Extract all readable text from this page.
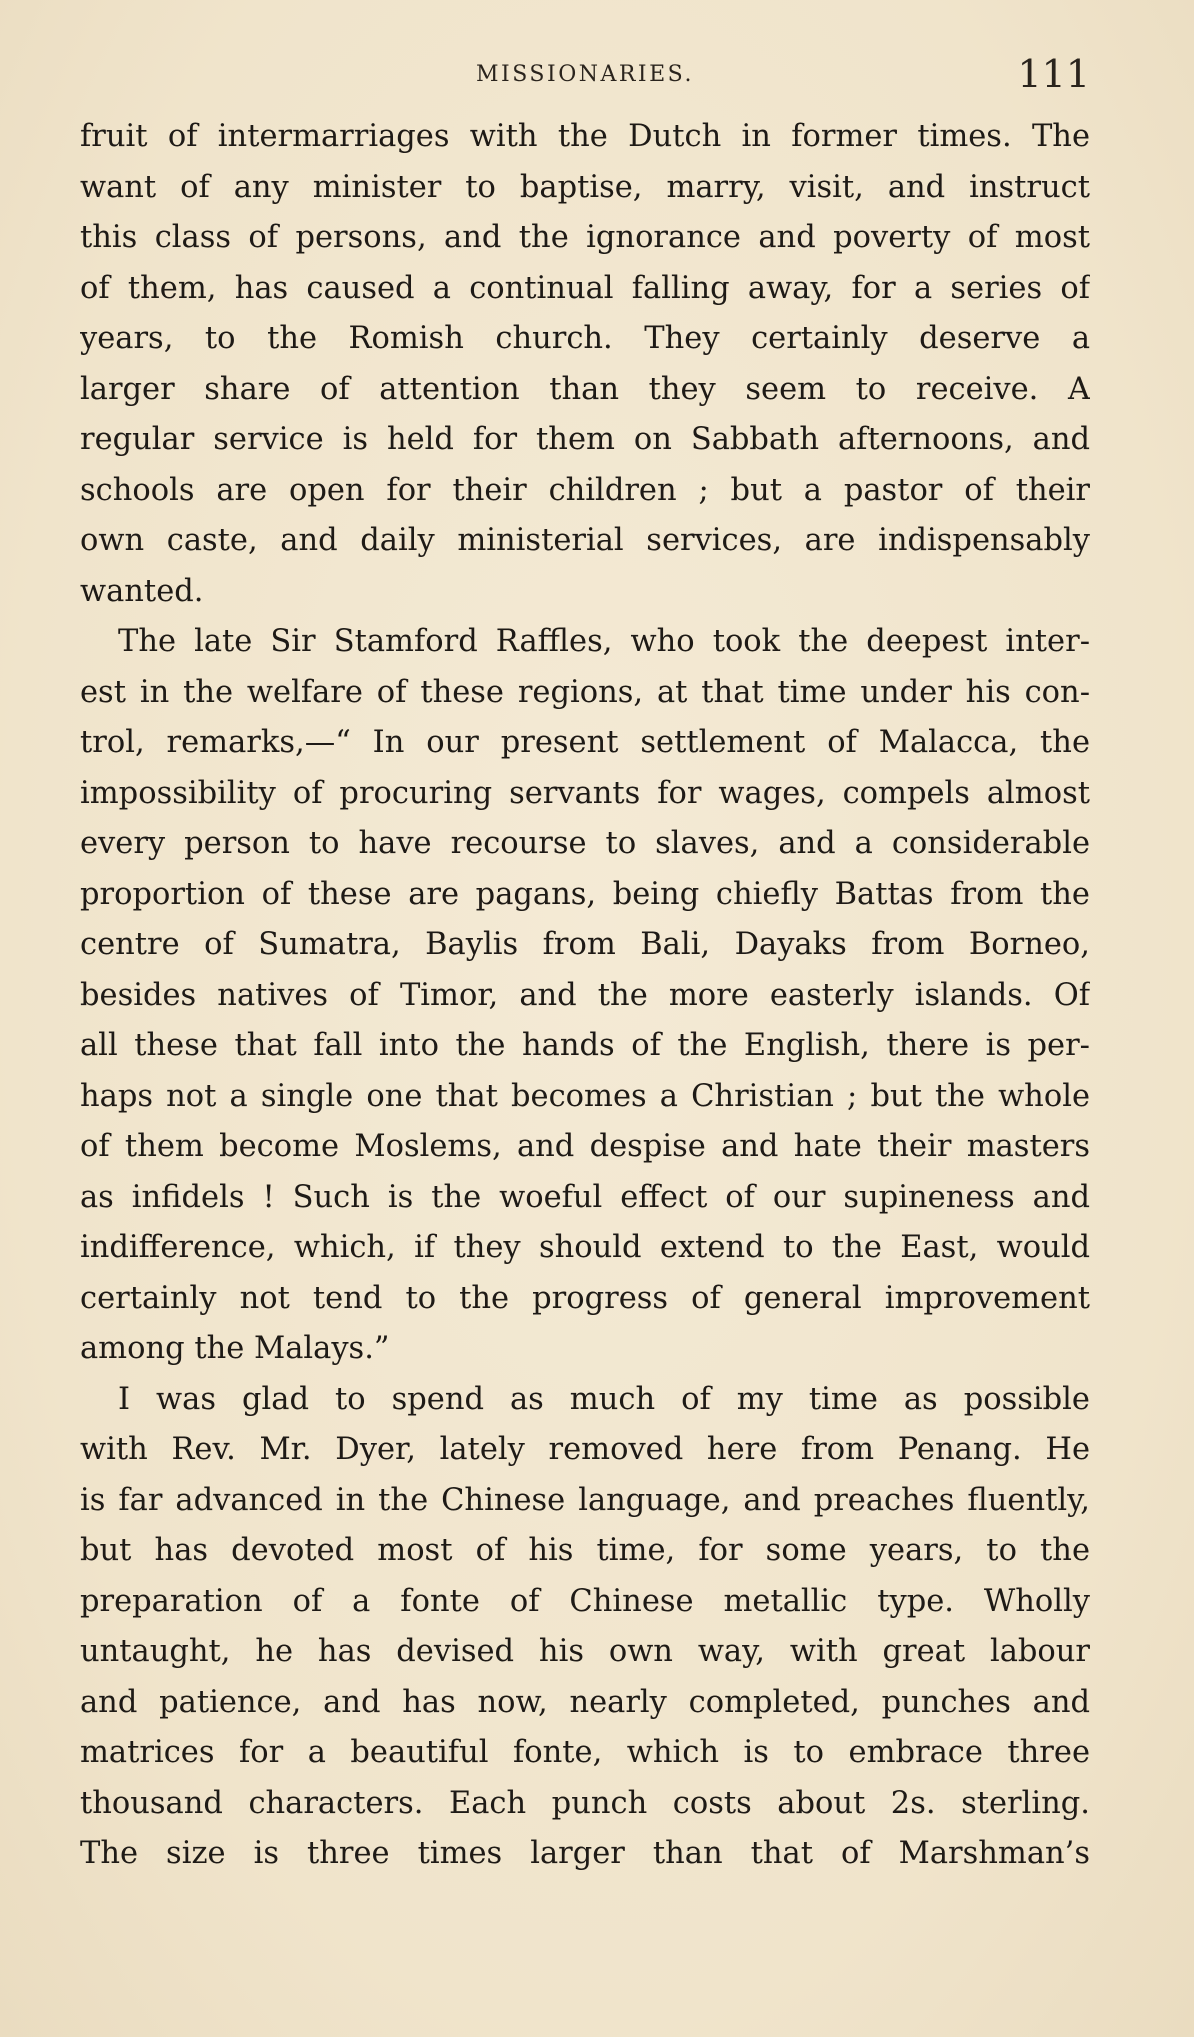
MISSIONARIES.	111
fruit of intermarriages with the Dutch in former times. The
want of any minister to baptise, marry, visit, and instruct
this class of persons, and the ignorance and poverty of most
of them, has caused a continual falling away, for a series of
years, to the Romish church. They certainly deserve a
larger share of attention than they seem to receive. A
regular service is held for them on Sabbath afternoons, and
schools are open for their children ; but a pastor of their
own caste, and daily ministerial services, are indispensably
wanted.
The late Sir Stamford Raffles, who took the deepest inter-
est in the welfare of these regions, at that time under his con-
trol, remarks,—“ In our present settlement of Malacca, the
impossibility of procuring servants for wages, compels almost
every person to have recourse to slaves, and a considerable
proportion of these are pagans, being chiefly Battas from the
centre of Sumatra, Baylis from Bali, Dayaks from Borneo,
besides natives of Timor, and the more easterly islands. Of
all these that fall into the hands of the English, there is per-
haps not a single one that becomes a Christian ; but the whole
of them become Moslems, and despise and hate their masters
as infidels ! Such is the woeful effect of our supineness and
indifference, which, if they should extend to the East, would
certainly not tend to the progress of general improvement
among the Malays.”
I was glad to spend as much of my time as possible
with Rev. Mr. Dyer, lately removed here from Penang. He
is far advanced in the Chinese language, and preaches fluently,
but has devoted most of his time, for some years, to the
preparation of a fonte of Chinese metallic type. Wholly
untaught, he has devised his own way, with great labour
and patience, and has now, nearly completed, punches and
matrices for a beautiful fonte, which is to embrace three
thousand characters. Each punch costs about 2s. sterling.
The size is three times larger than that of Marshman’s
